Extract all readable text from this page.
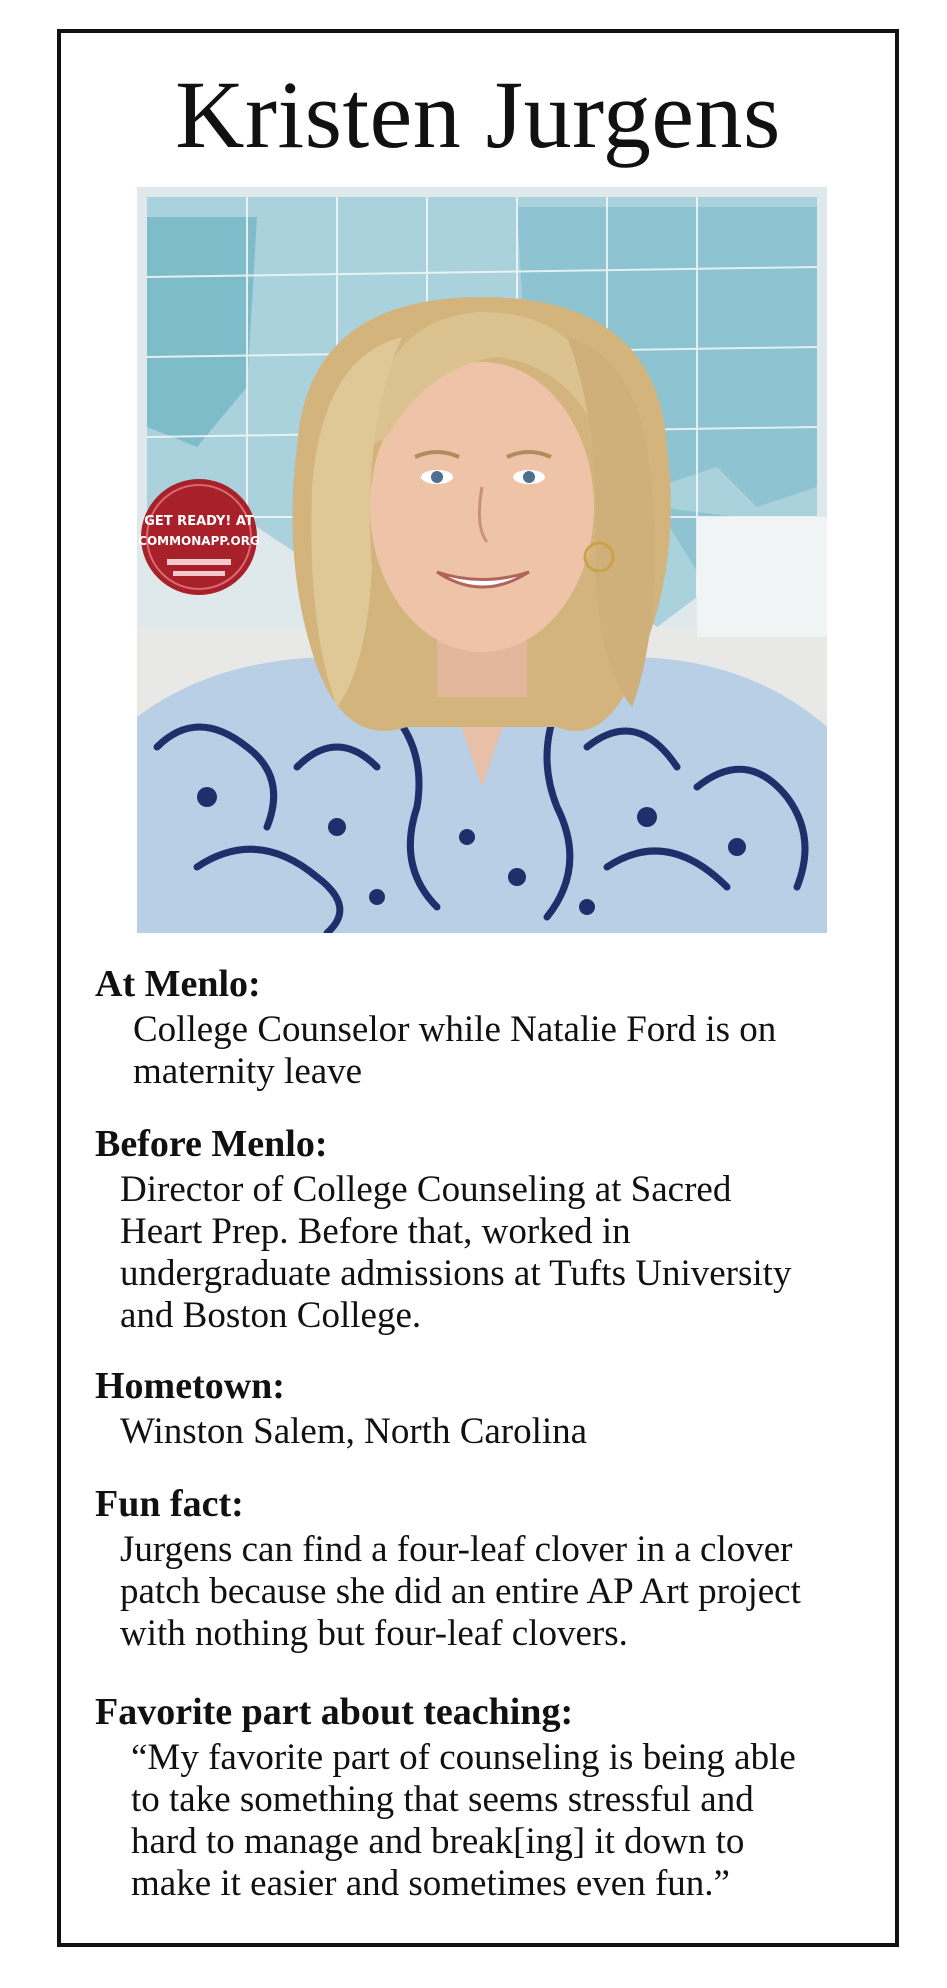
Kristen Jurgens
GET READY! AT
COMMONAPP.ORG
At Menlo:
College Counselor while Natalie Ford is on
maternity leave
Before Menlo:
Director of College Counseling at Sacred
Heart Prep. Before that, worked in
undergraduate admissions at Tufts University
and Boston College.
Hometown:
Winston Salem, North Carolina
Fun fact:
Jurgens can find a four-leaf clover in a clover
patch because she did an entire AP Art project
with nothing but four-leaf clovers.
Favorite part about teaching:
“My favorite part of counseling is being able
to take something that seems stressful and
hard to manage and break[ing] it down to
make it easier and sometimes even fun.”
